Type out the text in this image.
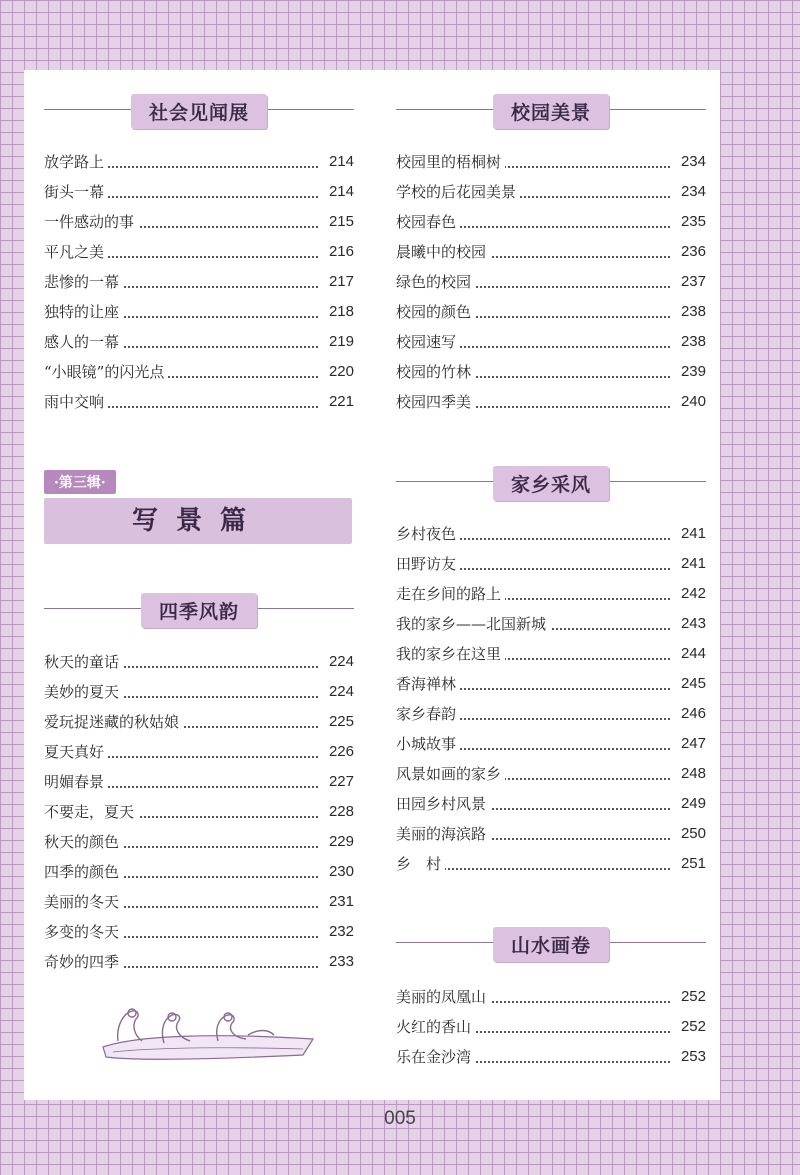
社会见闻展
放学路上	214
街头一幕	214
一件感动的事	215
平凡之美	216
悲惨的一幕	217
独特的让座	218
感人的一幕	219
“小眼镜”的闪光点	220
雨中交响	221
·第三辑·
写景篇
四季风韵
秋天的童话	224
美妙的夏天	224
爱玩捉迷藏的秋姑娘	225
夏天真好	226
明媚春景	227
不要走，夏天	228
秋天的颜色	229
四季的颜色	230
美丽的冬天	231
多变的冬天	232
奇妙的四季	233
校园美景
校园里的梧桐树	234
学校的后花园美景	234
校园春色	235
晨曦中的校园	236
绿色的校园	237
校园的颜色	238
校园速写	238
校园的竹林	239
校园四季美	240
家乡采风
乡村夜色	241
田野访友	241
走在乡间的路上	242
我的家乡——北国新城	243
我的家乡在这里	244
香海禅林	245
家乡春韵	246
小城故事	247
风景如画的家乡	248
田园乡村风景	249
美丽的海滨路	250
乡　村	251
山水画卷
美丽的凤凰山	252
火红的香山	252
乐在金沙湾	253
005
